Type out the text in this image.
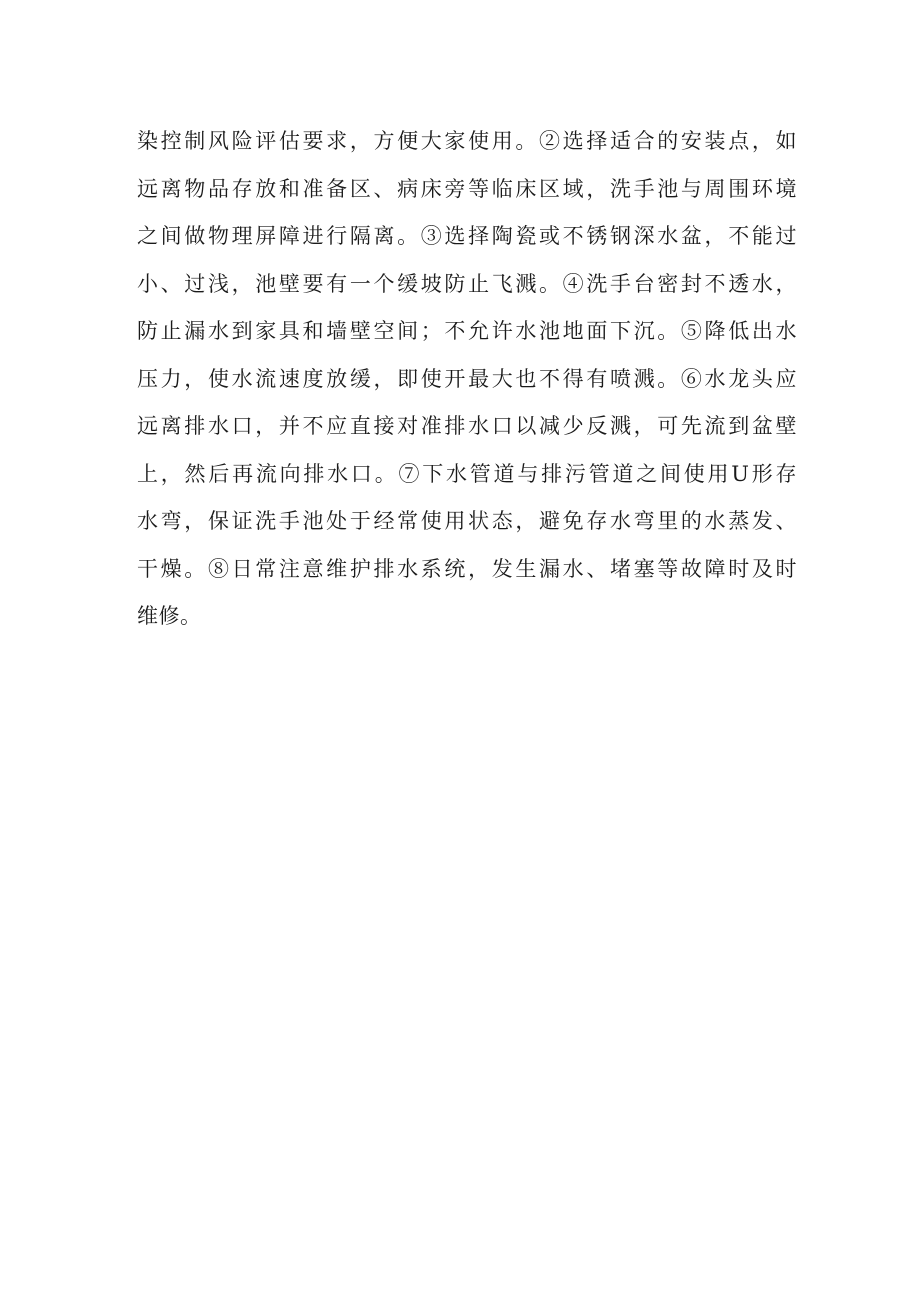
染控制风险评估要求，方便大家使用。②选择适合的安装点，如
远离物品存放和准备区、病床旁等临床区域，洗手池与周围环境
之间做物理屏障进行隔离。③选择陶瓷或不锈钢深水盆，不能过
小、过浅，池壁要有一个缓坡防止飞溅。④洗手台密封不透水，
防止漏水到家具和墙壁空间；不允许水池地面下沉。⑤降低出水
压力，使水流速度放缓，即使开最大也不得有喷溅。⑥水龙头应
远离排水口，并不应直接对准排水口以减少反溅，可先流到盆壁
上，然后再流向排水口。⑦下水管道与排污管道之间使用U形存
水弯，保证洗手池处于经常使用状态，避免存水弯里的水蒸发、
干燥。⑧日常注意维护排水系统，发生漏水、堵塞等故障时及时
维修。
